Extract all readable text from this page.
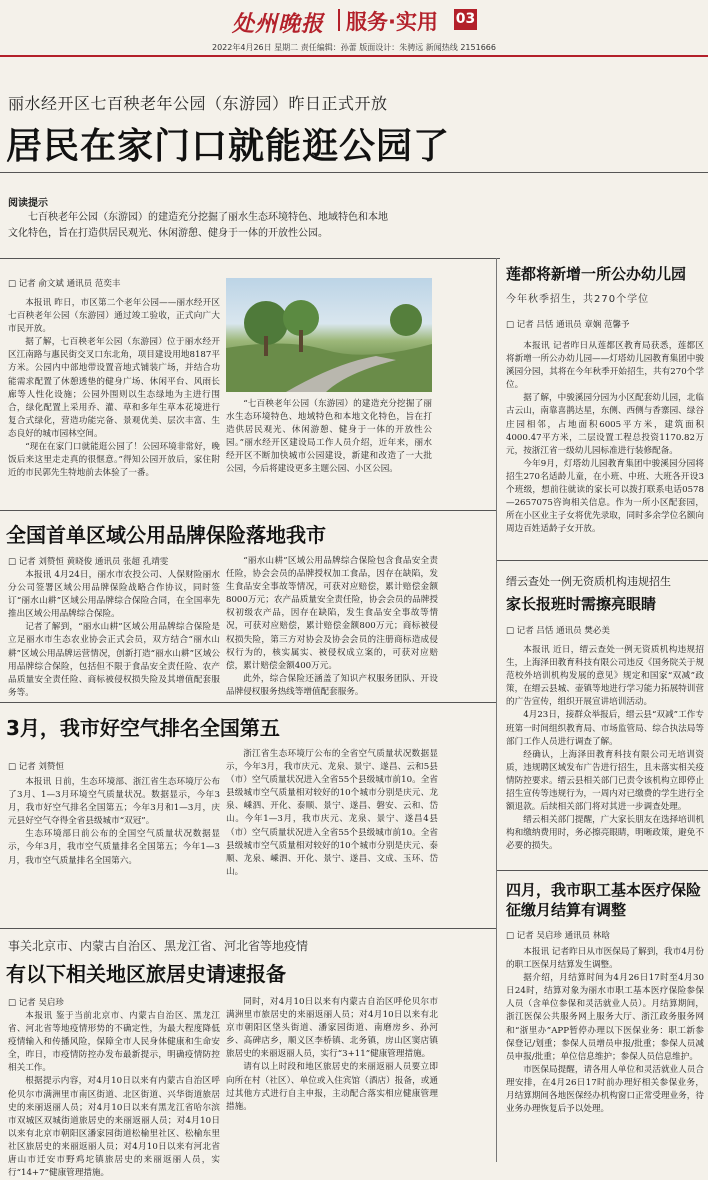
处州晚报 服务·实用 03
2022年4月26日 星期二 责任编辑：孙蕾 版面设计：朱骋远 新闻热线 2151666
丽水经开区七百秧老年公园（东游园）昨日正式开放
居民在家门口就能逛公园了
阅读提示
七百秧老年公园（东游园）的建造充分挖掘了丽水生态环境特色、地域特色和本地文化特色，旨在打造供居民观光、休闲游憩、健身于一体的开放性公园。
□ 记者 俞文斌 通讯员 范奕丰

本报讯 昨日，市区第二个老年公园——丽水经开区七百秧老年公园（东游园）通过竣工验收，正式向广大市民开放。

据了解，七百秧老年公园（东游园）位于丽水经开区江南路与惠民街交叉口东北角，项目建设用地8187平方米。公园内中部地带设置音地式铺装广场，并结合功能需求配置了休憩透垫的健身广场、休闲平台、风雨长廊等人性化设施；公园外围则以生态绿地为主进行围合，绿化配置上采用乔、灌、草和多年生草本花境进行复合式绿化，营造功能完备、景观优美、层次丰富、生态良好的城市园林空间。

“现在在家门口就能逛公园了！公园环境非常好，晚饭后来这里走走真的很惬意。”得知公园开放后，家住附近的市民郭先生特地前去体验了一番。

“七百秧老年公园（东游园）的建造充分挖掘了丽水生态环境特色、地域特色和本地文化特色，旨在打造供居民观光、休闲游憩、健身于一体的开放性公园。”丽水经开区建设局工作人员介绍，近年来，丽水经开区不断加快城市公园建设，新建和改造了一大批公园，今后将建设更多主题公园、小区公园。

全国首单区域公用品牌保险落地我市
□ 记者 刘赞恒 黄晓俊 通讯员 张超 孔靖雯

本报讯 4月24日，丽水市农投公司、人保财险丽水分公司签署区域公用品牌保险战略合作协议，同时签订“丽水山耕”区域公用品牌综合保险合同，在全国率先推出区域公用品牌综合保险。

记者了解到，“丽水山耕”区域公用品牌综合保险是立足丽水市生态农业协会正式会员，双方结合“丽水山耕”区域公用品牌运营情况，创新打造“丽水山耕”区域公用品牌综合保险，包括但不限于食品安全责任险、农产品质量安全责任险、商标被侵权损失险及其增值配套服务等。

“丽水山耕”区域公用品牌综合保险包含食品安全责任险，协会会员的品牌授权加工食品，因存在缺陷，发生食品安全事故等情况，可获对应赔偿，累计赔偿金额8000万元；农产品质量安全责任险，协会会员的品牌授权初级农产品，因存在缺陷，发生食品安全事故等情况，可获对应赔偿，累计赔偿金额800万元；商标被侵权损失险，第三方对协会及协会会员的注册商标造成侵权行为的，核实属实、被侵权成立案的，可获对应赔偿，累计赔偿金额400万元。

此外，综合保险还涵盖了知识产权服务团队、开设品牌侵权服务热线等增值配套服务。

3月，我市好空气排名全国第五
□ 记者 刘赞恒

本报讯 日前，生态环境部、浙江省生态环境厅公布了3月、1—3月环境空气质量状况。数据显示，今年3月，我市好空气排名全国第五；今年3月和1—3月，庆元县好空气夺得全省县级城市“双冠”。

生态环境部日前公布的全国空气质量状况数据显示，今年3月，我市空气质量排名全国第五；今年1—3月，我市空气质量排名全国第六。

浙江省生态环境厅公布的全省空气质量状况数据显示，今年3月，我市庆元、龙泉、景宁、遂昌、云和5县（市）空气质量状况进入全省55个县级城市前10。全省县级城市空气质量相对较好的10个城市分别是庆元、龙泉、嵊泗、开化、泰顺、景宁、遂昌、磐安、云和、岱山。今年1—3月，我市庆元、龙泉、景宁、遂昌4县（市）空气质量状况进入全省55个县级城市前10。全省县级城市空气质量相对较好的10个城市分别是庆元、泰顺、龙泉、嵊泗、开化、景宁、遂昌、文成、玉环、岱山。

事关北京市、内蒙古自治区、黑龙江省、河北省等地疫情
有以下相关地区旅居史请速报备
□ 记者 吴启珍

本报讯 鉴于当前北京市、内蒙古自治区、黑龙江省、河北省等地疫情形势的不确定性，为最大程度降低疫情输入和传播风险，保障全市人民身体健康和生命安全，昨日，市疫情防控办发布最新提示，明确疫情防控相关工作。

根据提示内容，对4月10日以来有内蒙古自治区呼伦贝尔市满洲里市南区街道、北区街道、兴华街道旅居史的来丽返丽人员；对4月10日以来有黑龙江省哈尔滨市双城区双城街道旅居史的来丽返丽人员；对4月10日以来有北京市朝阳区潘家园街道松榆里社区、松榆东里社区旅居史的来丽返丽人员；对4月10日以来有河北省唐山市迁安市野鸡坨镇旅居史的来丽返丽人员，实行“14+7”健康管理措施。

同时，对4月10日以来有内蒙古自治区呼伦贝尔市满洲里市旅居史的来丽返丽人员；对4月10日以来有北京市朝阳区垡头街道、潘家园街道、南磨房乡、孙河乡、高碑店乡，顺义区李桥镇、北务镇，房山区窦店镇旅居史的来丽返丽人员，实行“3+11”健康管理措施。

请有以上时段和地区旅居史的来丽返丽人员要立即向所在村（社区）、单位或入住宾馆（酒店）报备，或通过其他方式进行自主申报，主动配合落实相应健康管理措施。

莲都将新增一所公办幼儿园
今年秋季招生，共270个学位
□ 记者 吕恬 通讯员 章娴 范馨予

本报讯 记者昨日从莲都区教育局获悉，莲都区将新增一所公办幼儿园——灯塔幼儿园教育集团中骏溪园分园，其将在今年秋季开始招生，共有270个学位。

据了解，中骏溪园分园为小区配套幼儿园，北临古云山，南靠喜鹊达星，东侧、西侧与香寨园、绿谷庄园相邻，占地面积6005平方米，建筑面积4000.47平方米，二层设置工程总投资1170.82万元，按浙江省一级幼儿园标准进行装修配备。

今年9月，灯塔幼儿园教育集团中骏溪园分园将招生270名适龄儿童，在小班、中班、大班各开设3个班级，想前往就读的家长可以拨打联系电话0578—2657075咨询相关信息。作为一所小区配套园，所在小区业主子女将优先录取，同时多余学位名额向周边百姓适龄子女开放。

缙云查处一例无资质机构违规招生
家长报班时需擦亮眼睛
□ 记者 吕恬 通讯员 樊必美

本报讯 近日，缙云查处一例无资质机构违规招生，上海泽田教育科技有限公司违反《国务院关于规范校外培训机构发展的意见》规定和国家“双减”政策，在缙云县城、壶镇等地进行学习能力拓展特训营的广告宣传，组织开展宣讲培训活动。

4月23日，接群众举报后，缙云县“双减”工作专班第一时间组织教育局、市场监管局、综合执法局等部门工作人员进行调查了解。

经确认，上海泽田教育科技有限公司无培训资质，违规聘区域发布广告进行招生，且未落实相关疫情防控要求。缙云县相关部门已责令该机构立即停止招生宣传等违规行为，一周内对已缴费的学生进行全额退款。后续相关部门将对其进一步调查处理。

缙云相关部门提醒，广大家长朋友在选择培训机构和缴纳费用时，务必擦亮眼睛，明晰政策，避免不必要的损失。

四月，我市职工基本医疗保险征缴月结算有调整
□ 记者 吴启珍 通讯员 林晗

本报讯 记者昨日从市医保局了解到，我市4月份的职工医保月结算发生调整。

据介绍，月结算时间为4月26日17时至4月30日24时，结算对象为丽水市职工基本医疗保险参保人员（含单位参保和灵活就业人员）。月结算期间，浙江医保公共服务网上服务大厅、浙江政务服务网和“浙里办”APP暂停办理以下医保业务：职工新参保登记/划重；参保人员增员申报/批重；参保人员减员申报/批重；单位信息维护；参保人员信息维护。

市医保局提醒，请各用人单位和灵活就业人员合理安排，在4月26日17时前办理好相关参保业务，月结算期间各地医保经办机构窗口正常受理业务，待业务办理恢复后予以处理。
